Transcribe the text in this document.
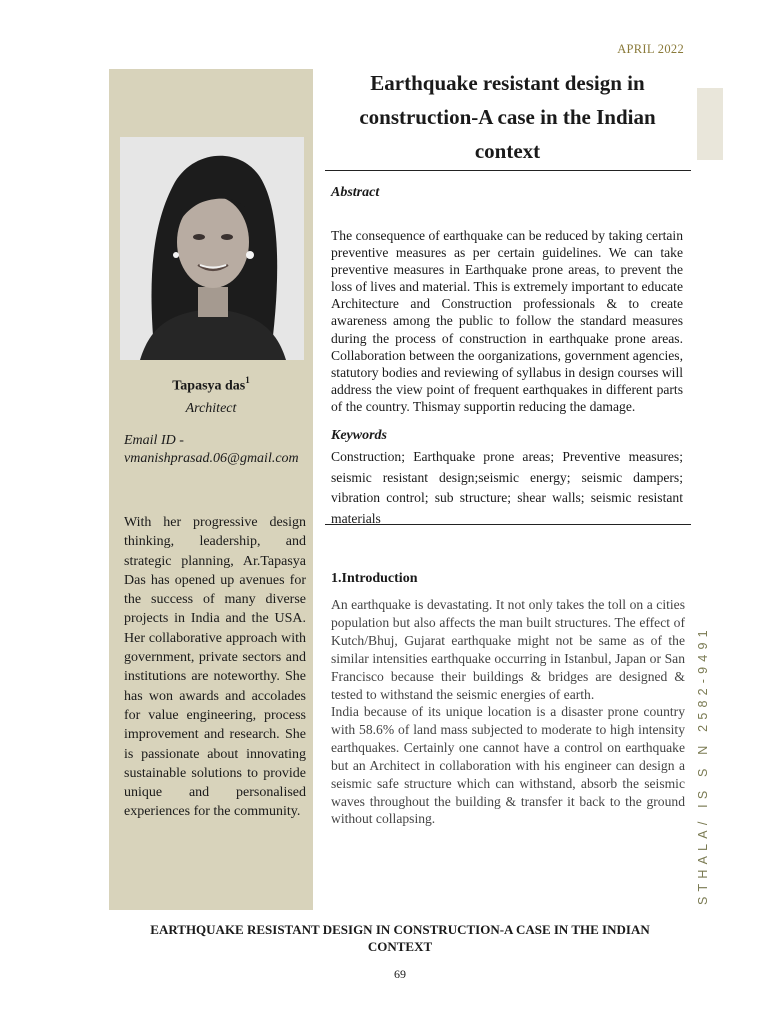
APRIL 2022
STHALA/ IS S N 2582-9491
Tapasya das$^1$
Architect
Email ID - vmanishprasad.06@gmail.com
With her progressive design thinking, leadership, and strategic planning, Ar.Tapasya Das has opened up avenues for the success of many diverse projects in India and the USA. Her collaborative approach with government, private sectors and institutions are noteworthy. She has won awards and accolades for value engineering, process improvement and research. She is passionate about innovating sustainable solutions to provide unique and personalised experiences for the community.
Earthquake resistant design in construction-A case in the Indian context
Abstract
The consequence of earthquake can be reduced by taking certain preventive measures as per certain guidelines. We can take preventive measures in Earthquake prone areas, to prevent the loss of lives and material. This is extremely important to educate Architecture and Construction professionals & to create awareness among the public to follow the standard measures during the process of construction in earthquake prone areas. Collaboration between the oorganizations, government agencies, statutory bodies and reviewing of syllabus in design courses will address the view point of frequent earthquakes in different parts of the country. Thismay supportin reducing the damage.
Keywords
Construction; Earthquake prone areas; Preventive measures; seismic resistant design;seismic energy; seismic dampers; vibration control; sub structure; shear walls; seismic resistant materials
1.Introduction
An earthquake is devastating. It not only takes the toll on a cities population but also affects the man built structures. The effect of Kutch/Bhuj, Gujarat earthquake might not be same as of the similar intensities earthquake occurring in Istanbul, Japan or San Francisco because their buildings & bridges are designed & tested to withstand the seismic energies of earth.
India because of its unique location is a disaster prone country with 58.6% of land mass subjected to moderate to high intensity earthquakes. Certainly one cannot have a control on earthquake but an Architect in collaboration with his engineer can design a seismic safe structure which can withstand, absorb the seismic waves throughout the building & transfer it back to the ground without collapsing.
EARTHQUAKE RESISTANT DESIGN IN CONSTRUCTION-A CASE IN THE INDIAN CONTEXT
69
